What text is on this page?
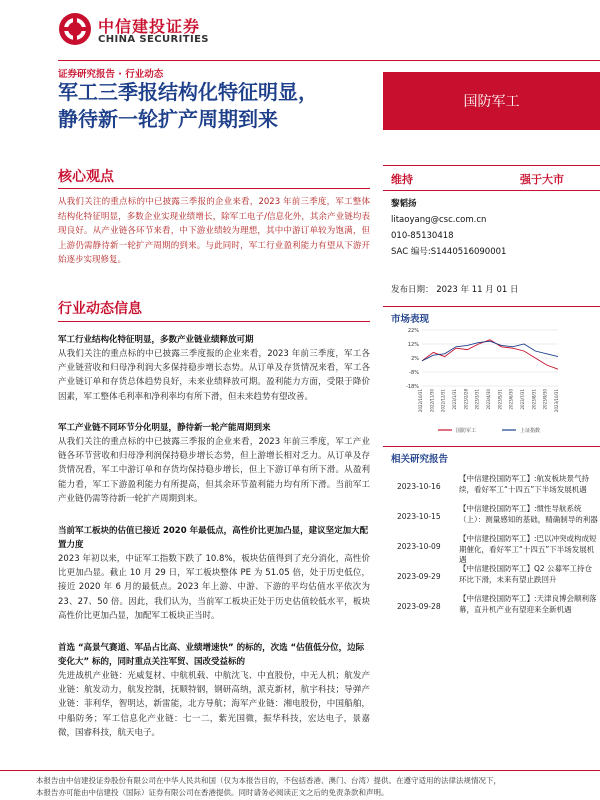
中信建投证券
CHINA SECURITIES
证券研究报告 · 行业动态
军工三季报结构化特征明显，
静待新一轮扩产周期到来
国防军工
核心观点
从我们关注的重点标的中已披露三季报的企业来看，2023 年前三季度，军工整体结构化特征明显，多数企业实现业绩增长，除军工电子/信息化外，其余产业链均表现良好。从产业链各环节来看，中下游业绩较为理想，其中中游订单较为饱满，但上游仍需静待新一轮扩产周期的到来。与此同时，军工行业盈利能力有望从下游开始逐步实现修复。
行业动态信息
军工行业结构化特征明显，多数产业链业绩释放可期
从我们关注的重点标的中已披露三季度报的企业来看，2023 年前三季度，军工各产业链营收和归母净利润大多保持稳步增长态势。从订单及存货情况来看，军工各产业链订单和存货总体趋势良好，未来业绩释放可期。盈利能力方面，受限于降价因素，军工整体毛利率和净利率均有所下滑，但未来趋势有望改善。
军工产业链不同环节分化明显，静待新一轮产能周期到来
从我们关注的重点标的中已披露三季报的企业来看，2023 年前三季度，军工产业链各环节营收和归母净利润保持稳步增长态势，但上游增长相对乏力。从订单及存货情况看，军工中游订单和存货均保持稳步增长，但上下游订单有所下滑。从盈利能力看，军工下游盈利能力有所提高，但其余环节盈利能力均有所下滑。当前军工产业链仍需等待新一轮扩产周期到来。
当前军工板块的估值已接近 2020 年最低点，高性价比更加凸显，建议坚定加大配置力度
2023 年初以来，中证军工指数下跌了 10.8%，板块估值得到了充分消化，高性价比更加凸显。截止 10 月 29 日，军工板块整体 PE 为 51.05 倍，处于历史低位，接近 2020 年 6 月的最低点。2023 年上游、中游、下游的平均估值水平依次为 23、27、50 倍。因此，我们认为，当前军工板块正处于历史估值较低水平，板块高性价比更加凸显，加配军工板块正当时。
首选 “高景气赛道、军品占比高、业绩增速快” 的标的，次选 “估值低分位，边际变化大” 标的，同时重点关注军贸、国改受益标的
先进战机产业链：光威复材、中航机载、中航沈飞、中直股份，中无人机；航发产业链：航发动力，航发控制，抚顺特钢，钢研高纳，派克新材，航宇科技；导弹产业链：菲利华，智明达，新雷能，北方导航；海军产业链：湘电股份，中国船舶，中船防务；军工信息化产业链：七一二，紫光国微，振华科技，宏达电子，景嘉微，国睿科技，航天电子。
维持	强于大市
黎韬扬
litaoyang@csc.com.cn
010-85130418
SAC 编号:S1440516090001
发布日期： 2023 年 11 月 01 日
市场表现
22%
12%
2%
-8%
-18%
2022/10/31 2022/11/30 2022/12/31 2023/1/31 2023/2/28 2023/3/31 2023/4/30 2023/5/31 2023/6/30 2023/7/31 2023/8/31 2023/9/30 2023/10/31
国防军工	上证指数
相关研究报告
2023-10-16
【中信建投国防军工】:航发板块景气持续，看好军工“十四五”下半场发展机遇
2023-10-15
【中信建投国防军工】:惯性导航系统（上）：测量感知的基础，精确制导的利器
2023-10-09
【中信建投国防军工】:巴以冲突或构成短期催化，看好军工“十四五”下半场发展机遇
2023-09-29
【中信建投国防军工】Q2 公募军工持仓环比下滑，未来有望止跌回升
2023-09-28
【中信建投国防军工】:天津良博会顺利落幕，直升机产业有望迎来全新机遇
本报告由中信建投证券股份有限公司在中华人民共和国（仅为本报告目的，不包括香港、澳门、台湾）提供。在遵守适用的法律法规情况下，
本报告亦可能由中信建投（国际）证券有限公司在香港提供。同时请务必阅读正文之后的免责条款和声明。
